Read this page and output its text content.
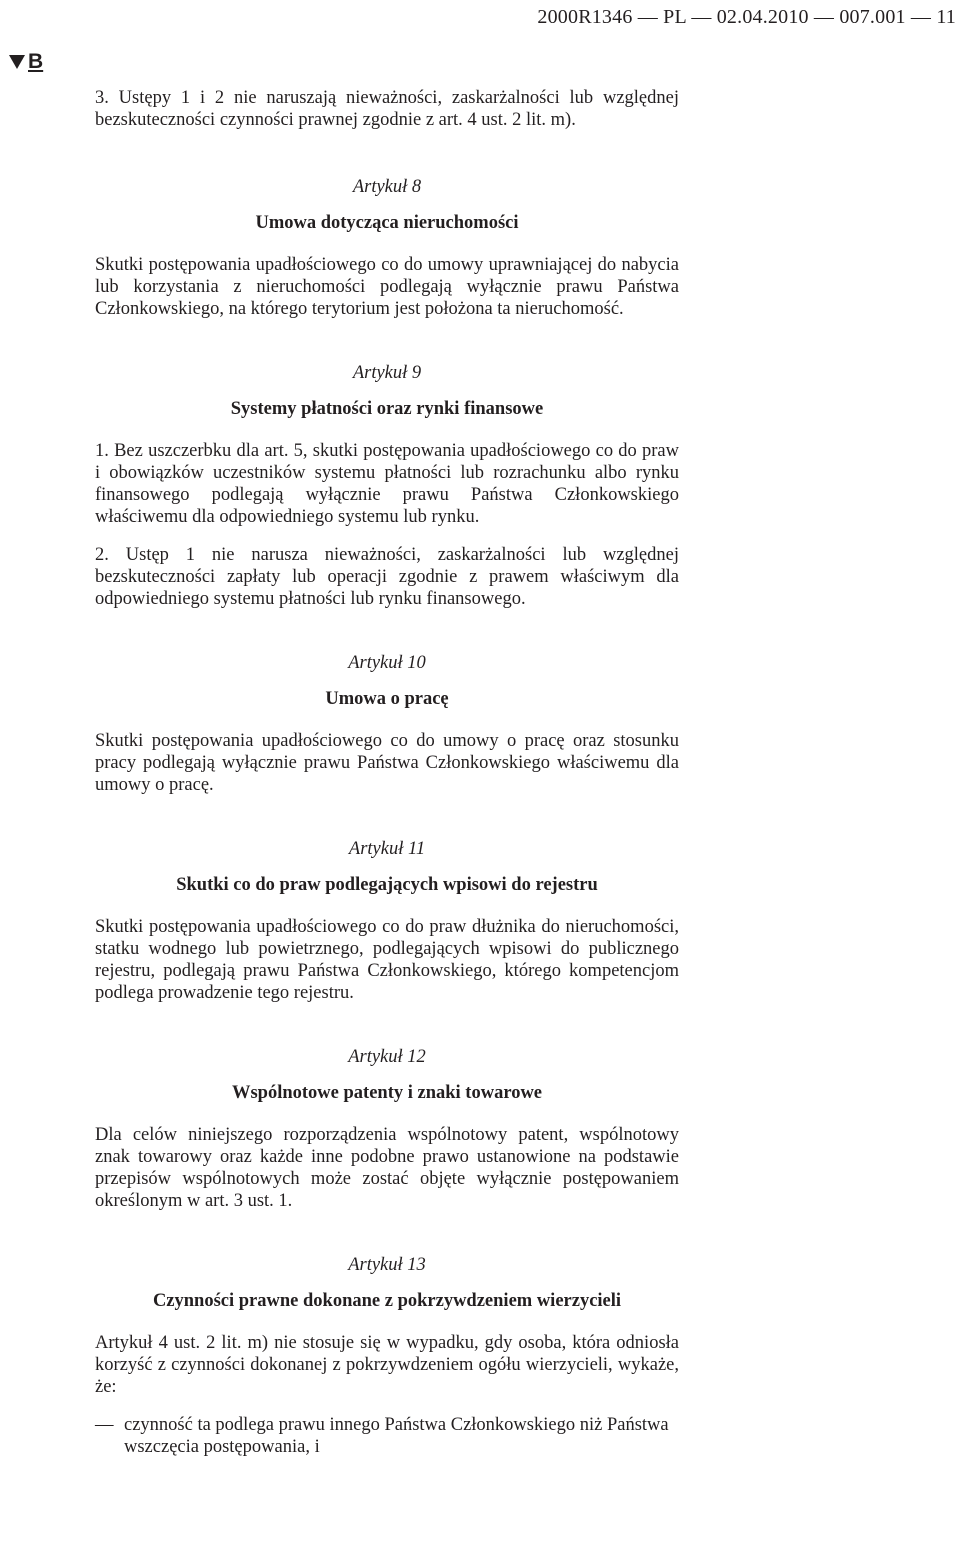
2000R1346 — PL — 02.04.2010 — 007.001 — 11
B

3. Ustępy 1 i 2 nie naruszają nieważności, zaskarżalności lub względnej bezskuteczności czynności prawnej zgodnie z art. 4 ust. 2 lit. m).

Artykuł 8

Umowa dotycząca nieruchomości

Skutki postępowania upadłościowego co do umowy uprawniającej do nabycia lub korzystania z nieruchomości podlegają wyłącznie prawu Państwa Członkowskiego, na którego terytorium jest położona ta nieruchomość.

Artykuł 9

Systemy płatności oraz rynki finansowe

1. Bez uszczerbku dla art. 5, skutki postępowania upadłościowego co do praw i obowiązków uczestników systemu płatności lub rozrachunku albo rynku finansowego podlegają wyłącznie prawu Państwa Członkowskiego właściwemu dla odpowiedniego systemu lub rynku.

2. Ustęp 1 nie narusza nieważności, zaskarżalności lub względnej bezskuteczności zapłaty lub operacji zgodnie z prawem właściwym dla odpowiedniego systemu płatności lub rynku finansowego.

Artykuł 10

Umowa o pracę

Skutki postępowania upadłościowego co do umowy o pracę oraz stosunku pracy podlegają wyłącznie prawu Państwa Członkowskiego właściwemu dla umowy o pracę.

Artykuł 11

Skutki co do praw podlegających wpisowi do rejestru

Skutki postępowania upadłościowego co do praw dłużnika do nieruchomości, statku wodnego lub powietrznego, podlegających wpisowi do publicznego rejestru, podlegają prawu Państwa Członkowskiego, którego kompetencjom podlega prowadzenie tego rejestru.

Artykuł 12

Wspólnotowe patenty i znaki towarowe

Dla celów niniejszego rozporządzenia wspólnotowy patent, wspólnotowy znak towarowy oraz każde inne podobne prawo ustanowione na podstawie przepisów wspólnotowych może zostać objęte wyłącznie postępowaniem określonym w art. 3 ust. 1.

Artykuł 13

Czynności prawne dokonane z pokrzywdzeniem wierzycieli

Artykuł 4 ust. 2 lit. m) nie stosuje się w wypadku, gdy osoba, która odniosła korzyść z czynności dokonanej z pokrzywdzeniem ogółu wierzycieli, wykaże, że:

— czynność ta podlega prawu innego Państwa Członkowskiego niż Państwa wszczęcia postępowania, i
